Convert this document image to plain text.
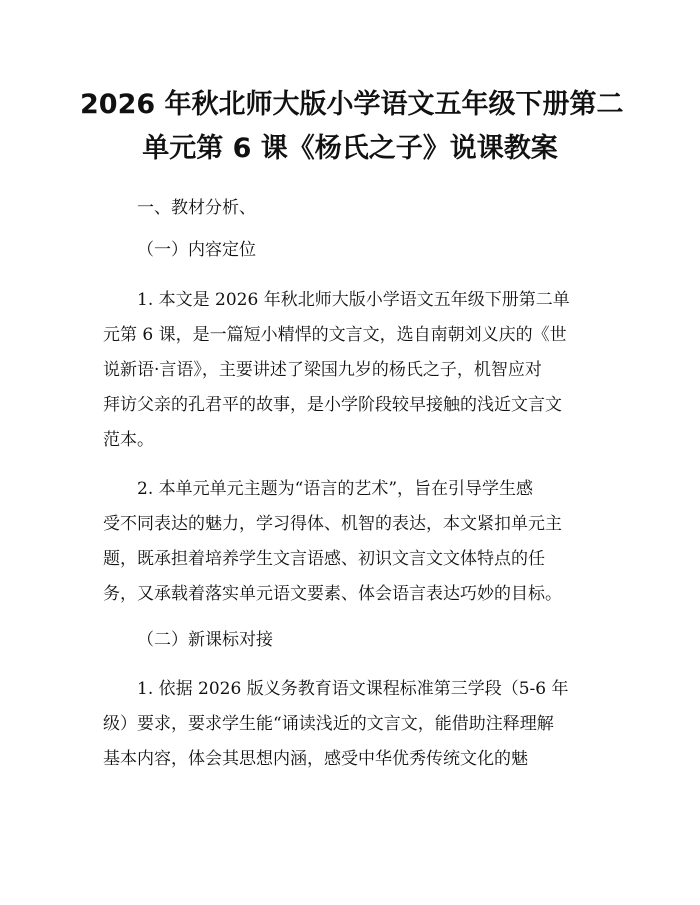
2026 年秋北师大版小学语文五年级下册第二
单元第 6 课《杨氏之子》说课教案
一、教材分析、
（一）内容定位
1. 本文是 2026 年秋北师大版小学语文五年级下册第二单
元第 6 课，是一篇短小精悍的文言文，选自南朝刘义庆的《世
说新语·言语》，主要讲述了梁国九岁的杨氏之子，机智应对
拜访父亲的孔君平的故事，是小学阶段较早接触的浅近文言文
范本。
2. 本单元单元主题为“语言的艺术”，旨在引导学生感
受不同表达的魅力，学习得体、机智的表达，本文紧扣单元主
题，既承担着培养学生文言语感、初识文言文文体特点的任
务，又承载着落实单元语文要素、体会语言表达巧妙的目标。
（二）新课标对接
1. 依据 2026 版义务教育语文课程标准第三学段（5-6 年
级）要求，要求学生能“诵读浅近的文言文，能借助注释理解
基本内容，体会其思想内涵，感受中华优秀传统文化的魅
